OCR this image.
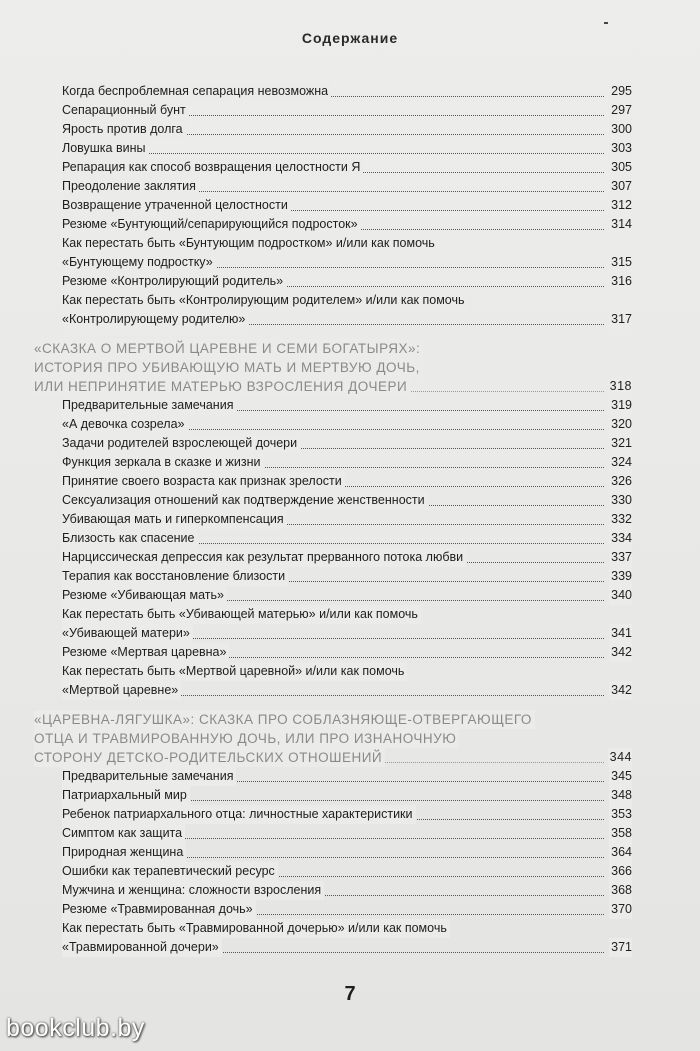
Содержание
Когда беспроблемная сепарация невозможна	295
Сепарационный бунт	297
Ярость против долга	300
Ловушка вины	303
Репарация как способ возвращения целостности Я	305
Преодоление заклятия	307
Возвращение утраченной целостности	312
Резюме «Бунтующий/сепарирующийся подросток»	314
Как перестать быть «Бунтующим подростком» и/или как помочь
«Бунтующему подростку»	315
Резюме «Контролирующий родитель»	316
Как перестать быть «Контролирующим родителем» и/или как помочь
«Контролирующему родителю»	317
«СКАЗКА О МЕРТВОЙ ЦАРЕВНЕ И СЕМИ БОГАТЫРЯХ»:
ИСТОРИЯ ПРО УБИВАЮЩУЮ МАТЬ И МЕРТВУЮ ДОЧЬ,
ИЛИ НЕПРИНЯТИЕ МАТЕРЬЮ ВЗРОСЛЕНИЯ ДОЧЕРИ	318
Предварительные замечания	319
«А девочка созрела»	320
Задачи родителей взрослеющей дочери	321
Функция зеркала в сказке и жизни	324
Принятие своего возраста как признак зрелости	326
Сексуализация отношений как подтверждение женственности	330
Убивающая мать и гиперкомпенсация	332
Близость как спасение	334
Нарциссическая депрессия как результат прерванного потока любви	337
Терапия как восстановление близости	339
Резюме «Убивающая мать»	340
Как перестать быть «Убивающей матерью» и/или как помочь
«Убивающей матери»	341
Резюме «Мертвая царевна»	342
Как перестать быть «Мертвой царевной» и/или как помочь
«Мертвой царевне»	342
«ЦАРЕВНА-ЛЯГУШКА»: СКАЗКА ПРО СОБЛАЗНЯЮЩЕ-ОТВЕРГАЮЩЕГО
ОТЦА И ТРАВМИРОВАННУЮ ДОЧЬ, ИЛИ ПРО ИЗНАНОЧНУЮ
СТОРОНУ ДЕТСКО-РОДИТЕЛЬСКИХ ОТНОШЕНИЙ	344
Предварительные замечания	345
Патриархальный мир	348
Ребенок патриархального отца: личностные характеристики	353
Симптом как защита	358
Природная женщина	364
Ошибки как терапевтический ресурс	366
Мужчина и женщина: сложности взросления	368
Резюме «Травмированная дочь»	370
Как перестать быть «Травмированной дочерью» и/или как помочь
«Травмированной дочери»	371
7
bookclub.by
